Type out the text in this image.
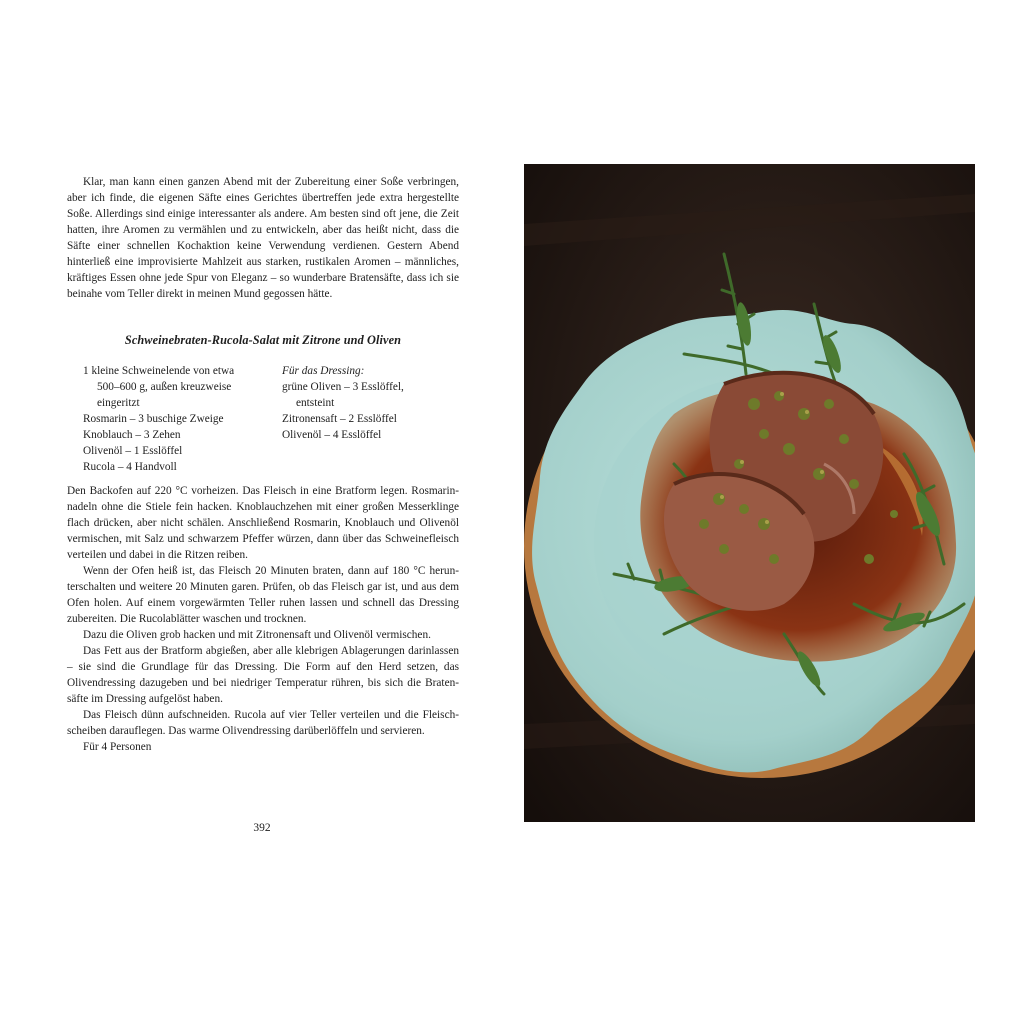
Klar, man kann einen ganzen Abend mit der Zubereitung einer Soße verbringen, aber ich finde, die eigenen Säfte eines Gerichtes übertreffen jede extra hergestellte Soße. Allerdings sind einige interessanter als andere. Am besten sind oft jene, die Zeit hatten, ihre Aromen zu vermählen und zu entwickeln, aber das heißt nicht, dass die Säfte einer schnellen Kochaktion keine Verwendung verdienen. Gestern Abend hinterließ eine improvisierte Mahlzeit aus starken, rustikalen Aromen – männliches, kräftiges Essen ohne jede Spur von Eleganz – so wunderbare Bratensäfte, dass ich sie beinahe vom Teller direkt in meinen Mund gegossen hätte.

Schweinebraten-Rucola-Salat mit Zitrone und Oliven

1 kleine Schweinelende von etwa

500–600 g, außen kreuzweise

eingeritzt

Rosmarin – 3 buschige Zweige

Knoblauch – 3 Zehen

Olivenöl – 1 Esslöffel

Rucola – 4 Handvoll

Für das Dressing:

grüne Oliven – 3 Esslöffel,

entsteint

Zitronensaft – 2 Esslöffel

Olivenöl – 4 Esslöffel

Den Backofen auf 220 °C vorheizen. Das Fleisch in eine Bratform legen. Rosmarinnadeln ohne die Stiele fein hacken. Knoblauchzehen mit einer großen Messerklinge flach drücken, aber nicht schälen. Anschließend Rosmarin, Knoblauch und Olivenöl vermischen, mit Salz und schwarzem Pfeffer würzen, dann über das Schweinefleisch verteilen und dabei in die Ritzen reiben.

Wenn der Ofen heiß ist, das Fleisch 20 Minuten braten, dann auf 180 °C herunterschalten und weitere 20 Minuten garen. Prüfen, ob das Fleisch gar ist, und aus dem Ofen holen. Auf einem vorgewärmten Teller ruhen lassen und schnell das Dressing zubereiten. Die Rucolablätter waschen und trocknen.

Dazu die Oliven grob hacken und mit Zitronensaft und Olivenöl vermischen.

Das Fett aus der Bratform abgießen, aber alle klebrigen Ablagerungen darinlassen – sie sind die Grundlage für das Dressing. Die Form auf den Herd setzen, das Olivendressing dazugeben und bei niedriger Temperatur rühren, bis sich die Bratensäfte im Dressing aufgelöst haben.

Das Fleisch dünn aufschneiden. Rucola auf vier Teller verteilen und die Fleischscheiben darauflegen. Das warme Olivendressing darüberlöffeln und servieren.

Für 4 Personen

392
